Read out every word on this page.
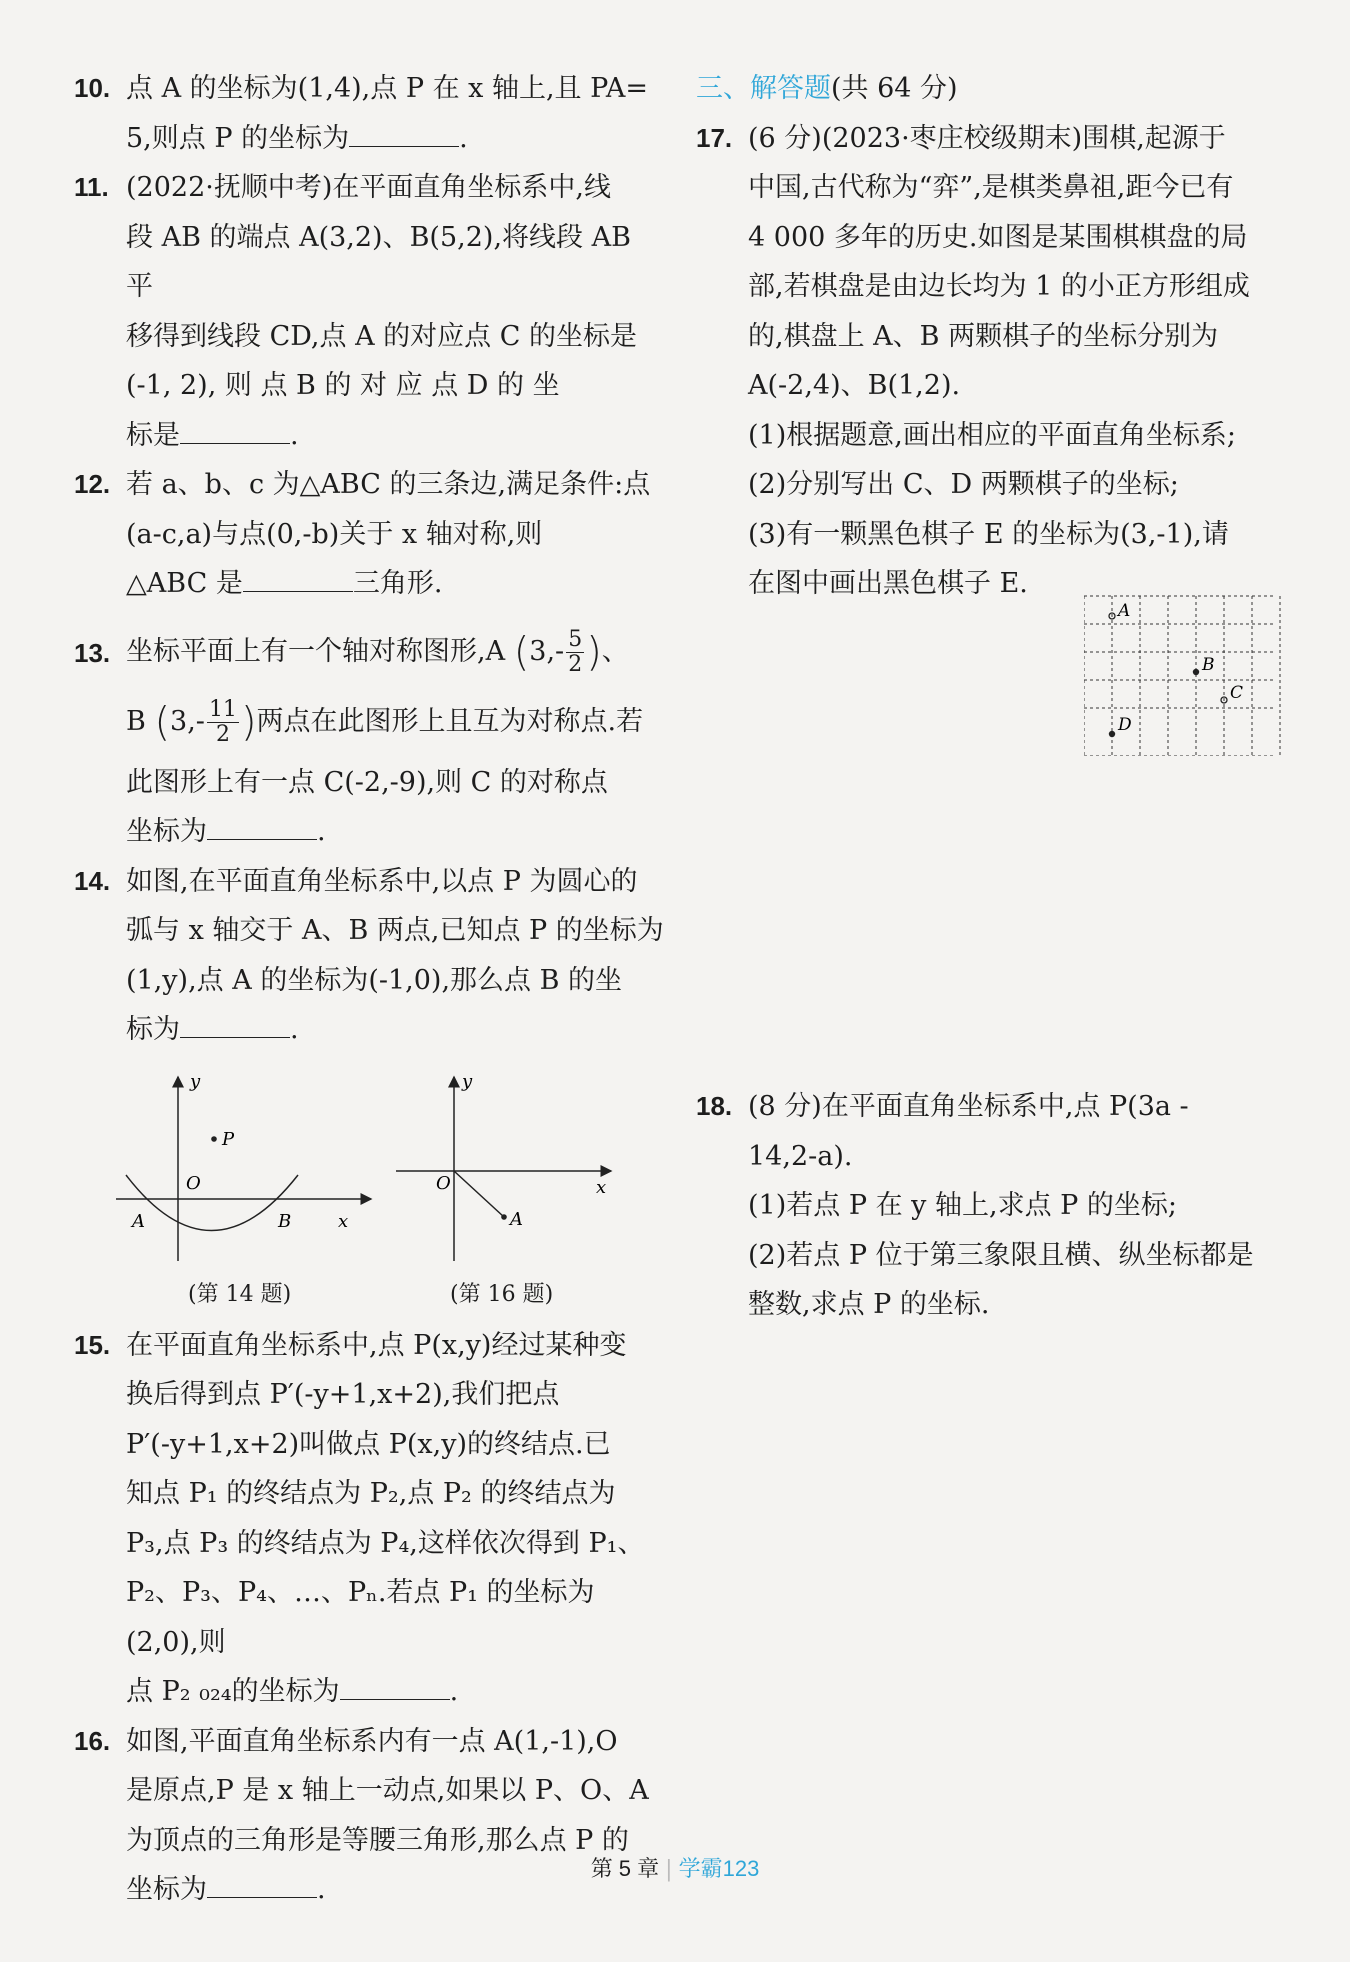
10. 点 A 的坐标为(1,4),点 P 在 x 轴上,且 PA=

5,则点 P 的坐标为	.

11. (2022·抚顺中考)在平面直角坐标系中,线

段 AB 的端点 A(3,2)、B(5,2),将线段 AB 平

移得到线段 CD,点 A 的对应点 C 的坐标是

(-1, 2), 则 点 B 的 对 应 点 D 的 坐

标是	.

12. 若 a、b、c 为△ABC 的三条边,满足条件:点

(a-c,a)与点(0,-b)关于 x 轴对称,则

△ABC 是	三角形.

13. 坐标平面上有一个轴对称图形,A ($3,- \frac{5}{2}$ )、

B ($3,- \frac{11}{2}$ )两点在此图形上且互为对称点.若

此图形上有一点 C(-2,-9),则 C 的对称点

坐标为	.

14. 如图,在平面直角坐标系中,以点 P 为圆心的

弧与 x 轴交于 A、B 两点,已知点 P 的坐标为

(1,y),点 A 的坐标为(-1,0),那么点 B 的坐

标为	.

y
P
O
A	B	x
y
O	x
A
(第 14 题)	(第 16 题)
15. 在平面直角坐标系中,点 P(x,y)经过某种变

换后得到点 P′(-y+1,x+2),我们把点

P′(-y+1,x+2)叫做点 P(x,y)的终结点.已

知点 P₁ 的终结点为 P₂,点 P₂ 的终结点为

P₃,点 P₃ 的终结点为 P₄,这样依次得到 P₁、

P₂、P₃、P₄、…、Pₙ.若点 P₁ 的坐标为(2,0),则

点 P₂ ₀₂₄的坐标为	.

16. 如图,平面直角坐标系内有一点 A(1,-1),O

是原点,P 是 x 轴上一动点,如果以 P、O、A

为顶点的三角形是等腰三角形,那么点 P 的

坐标为	.

三、解答题(共 64 分)

17. (6 分)(2023·枣庄校级期末)围棋,起源于

中国,古代称为“弈”,是棋类鼻祖,距今已有

4 000 多年的历史.如图是某围棋棋盘的局

部,若棋盘是由边长均为 1 的小正方形组成

的,棋盘上 A、B 两颗棋子的坐标分别为

A(-2,4)、B(1,2).

(1)根据题意,画出相应的平面直角坐标系;

(2)分别写出 C、D 两颗棋子的坐标;

(3)有一颗黑色棋子 E 的坐标为(3,-1),请

在图中画出黑色棋子 E.

A
B
C
D
18. (8 分)在平面直角坐标系中,点 P(3a -

14,2-a).

(1)若点 P 在 y 轴上,求点 P 的坐标;

(2)若点 P 位于第三象限且横、纵坐标都是

整数,求点 P 的坐标.

第 5 章 | 学霸123
